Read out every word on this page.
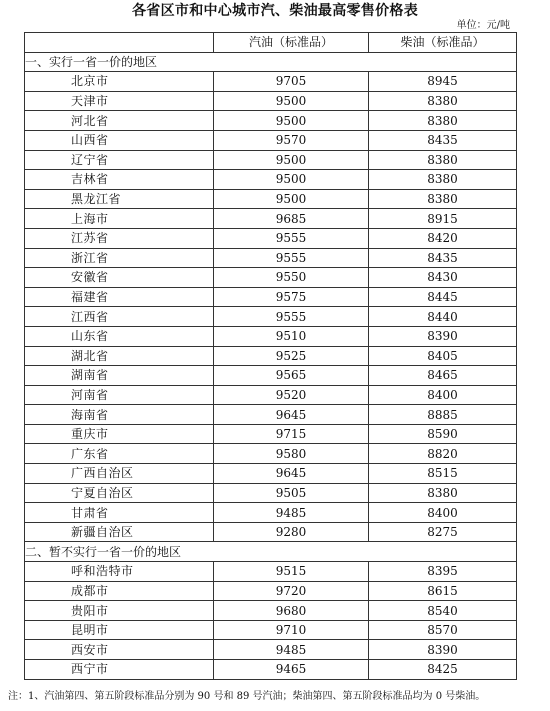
各省区市和中心城市汽、柴油最高零售价格表
单位：元/吨
	汽油（标准品）	柴油（标准品）
一、实行一省一价的地区		
北京市	9705	8945
天津市	9500	8380
河北省	9500	8380
山西省	9570	8435
辽宁省	9500	8380
吉林省	9500	8380
黑龙江省	9500	8380
上海市	9685	8915
江苏省	9555	8420
浙江省	9555	8435
安徽省	9550	8430
福建省	9575	8445
江西省	9555	8440
山东省	9510	8390
湖北省	9525	8405
湖南省	9565	8465
河南省	9520	8400
海南省	9645	8885
重庆市	9715	8590
广东省	9580	8820
广西自治区	9645	8515
宁夏自治区	9505	8380
甘肃省	9485	8400
新疆自治区	9280	8275
二、暂不实行一省一价的地区		
呼和浩特市	9515	8395
成都市	9720	8615
贵阳市	9680	8540
昆明市	9710	8570
西安市	9485	8390
西宁市	9465	8425
注：1、汽油第四、第五阶段标准品分别为 90 号和 89 号汽油；柴油第四、第五阶段标准品均为 0 号柴油。
